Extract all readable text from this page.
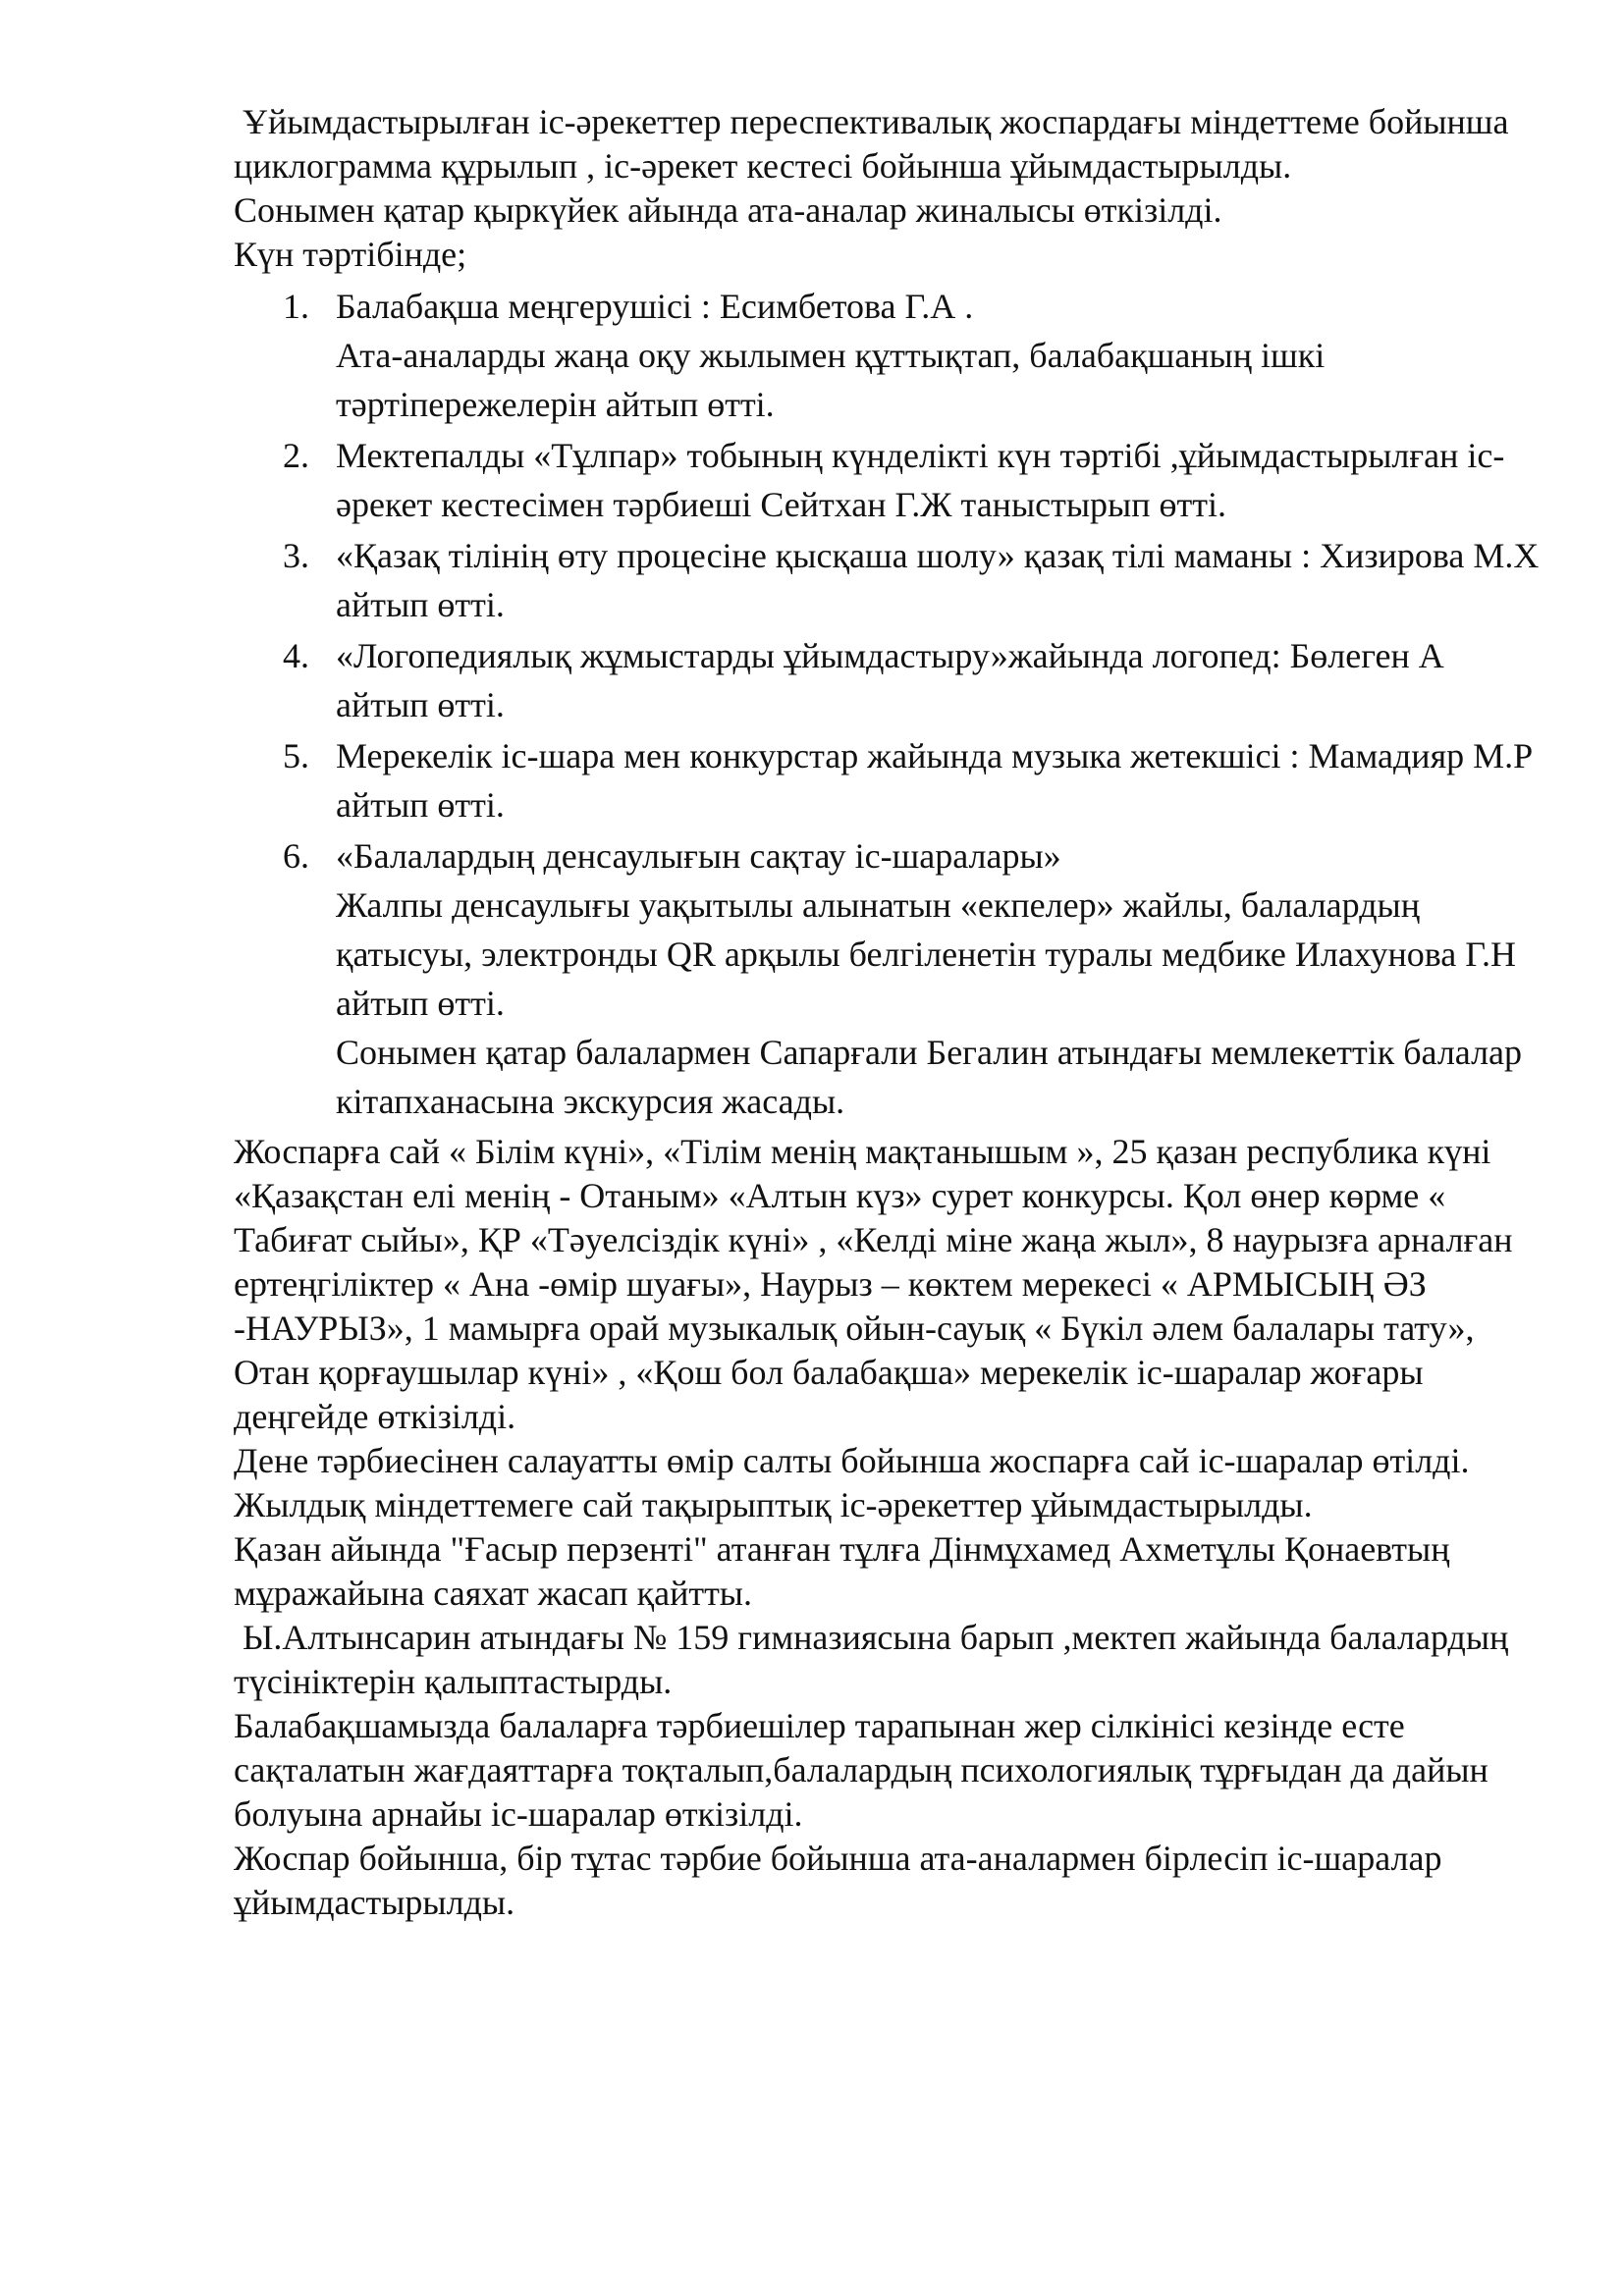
Ұйымдастырылған іс-әрекеттер переспективалық жоспардағы міндеттеме бойынша циклограмма құрылып , іс-әрекет кестесі бойынша ұйымдастырылды.

Сонымен қатар қыркүйек айында ата-аналар жиналысы өткізілді.

Күн тәртібінде;

1. Балабақша меңгерушісі : Есимбетова Г.А .
Ата-аналарды жаңа оқу жылымен құттықтап, балабақшаның ішкі тәртіпережелерін айтып өтті.
2. Мектепалды «Тұлпар» тобының күнделікті күн тәртібі ,ұйымдастырылған іс-әрекет кестесімен тәрбиеші Сейтхан Г.Ж таныстырып өтті.
3. «Қазақ тілінің өту процесіне қысқаша шолу» қазақ тілі маманы : Хизирова М.Х айтып өтті.
4. «Логопедиялық жұмыстарды ұйымдастыру»жайында логопед: Бөлеген А айтып өтті.
5. Мерекелік іс-шара мен конкурстар жайында музыка жетекшісі : Мамадияр М.Р айтып өтті.
6. «Балалардың денсаулығын сақтау іс-шаралары»
Жалпы денсаулығы уақытылы алынатын «екпелер» жайлы, балалардың қатысуы, электронды QR арқылы белгіленетін туралы медбике Илахунова Г.Н айтып өтті.
Сонымен қатар балалармен Сапарғали Бегалин атындағы мемлекеттік балалар кітапханасына экскурсия жасады.

Жоспарға сай « Білім күні», «Тілім менің мақтанышым », 25 қазан республика күні «Қазақстан елі менің - Отаным» «Алтын күз» сурет конкурсы. Қол өнер көрме « Табиғат сыйы», ҚР «Тәуелсіздік күні» , «Келді міне жаңа жыл», 8 наурызға арналған ертеңгіліктер « Ана -өмір шуағы», Наурыз – көктем мерекесі « АРМЫСЫҢ ӘЗ -НАУРЫЗ», 1 мамырға орай музыкалық ойын-сауық « Бүкіл әлем балалары тату», Отан қорғаушылар күні» , «Қош бол балабақша» мерекелік іс-шаралар жоғары деңгейде өткізілді.

Дене тәрбиесінен салауатты өмір салты бойынша жоспарға сай іс-шаралар өтілді.

Жылдық міндеттемеге сай тақырыптық іс-әрекеттер ұйымдастырылды.

Қазан айында "Ғасыр перзенті" атанған тұлға Дінмұхамед Ахметұлы Қонаевтың мұражайына саяхат жасап қайтты.

Ы.Алтынсарин атындағы № 159 гимназиясына барып ,мектеп жайында балалардың түсініктерін қалыптастырды.

Балабақшамызда балаларға тәрбиешілер тарапынан жер сілкінісі кезінде есте сақталатын жағдаяттарға тоқталып,балалардың психологиялық тұрғыдан да дайын болуына арнайы іс-шаралар өткізілді.

Жоспар бойынша, бір тұтас тәрбие бойынша ата-аналармен бірлесіп іс-шаралар ұйымдастырылды.
